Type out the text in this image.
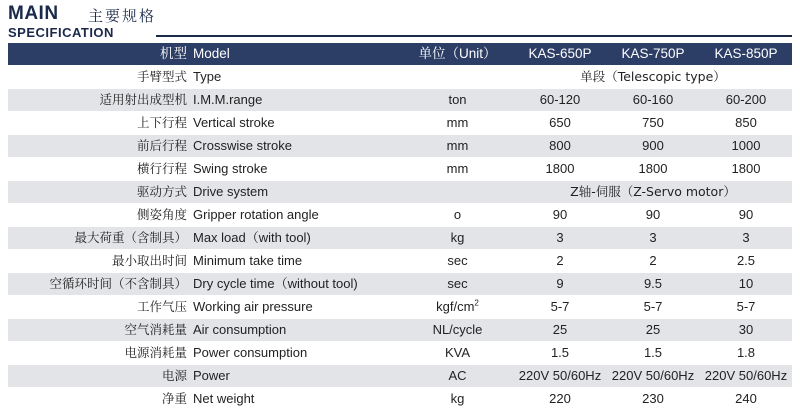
MAIN 主要规格
SPECIFICATION
机型	Model	单位（Unit）	KAS-650P	KAS-750P	KAS-850P
手臂型式	Type		单段（Telescopic type）		
适用射出成型机	I.M.M.range	ton	60-120	60-160	60-200
上下行程	Vertical stroke	mm	650	750	850
前后行程	Crosswise stroke	mm	800	900	1000
横行行程	Swing stroke	mm	1800	1800	1800
驱动方式	Drive system		Z轴-伺服（Z-Servo motor）		
侧姿角度	Gripper rotation angle	o	90	90	90
最大荷重（含制具）	Max load（with tool)	kg	3	3	3
最小取出时间	Minimum take time	sec	2	2	2.5
空循环时间（不含制具）	Dry cycle time（without tool)	sec	9	9.5	10
工作气压	Working air pressure	kgf/$cm^2$	5-7	5-7	5-7
空气消耗量	Air consumption	NL/cycle	25	25	30
电源消耗量	Power consumption	KVA	1.5	1.5	1.8
电源	Power	AC	220V 50/60Hz	220V 50/60Hz	220V 50/60Hz
净重	Net weight	kg	220	230	240
